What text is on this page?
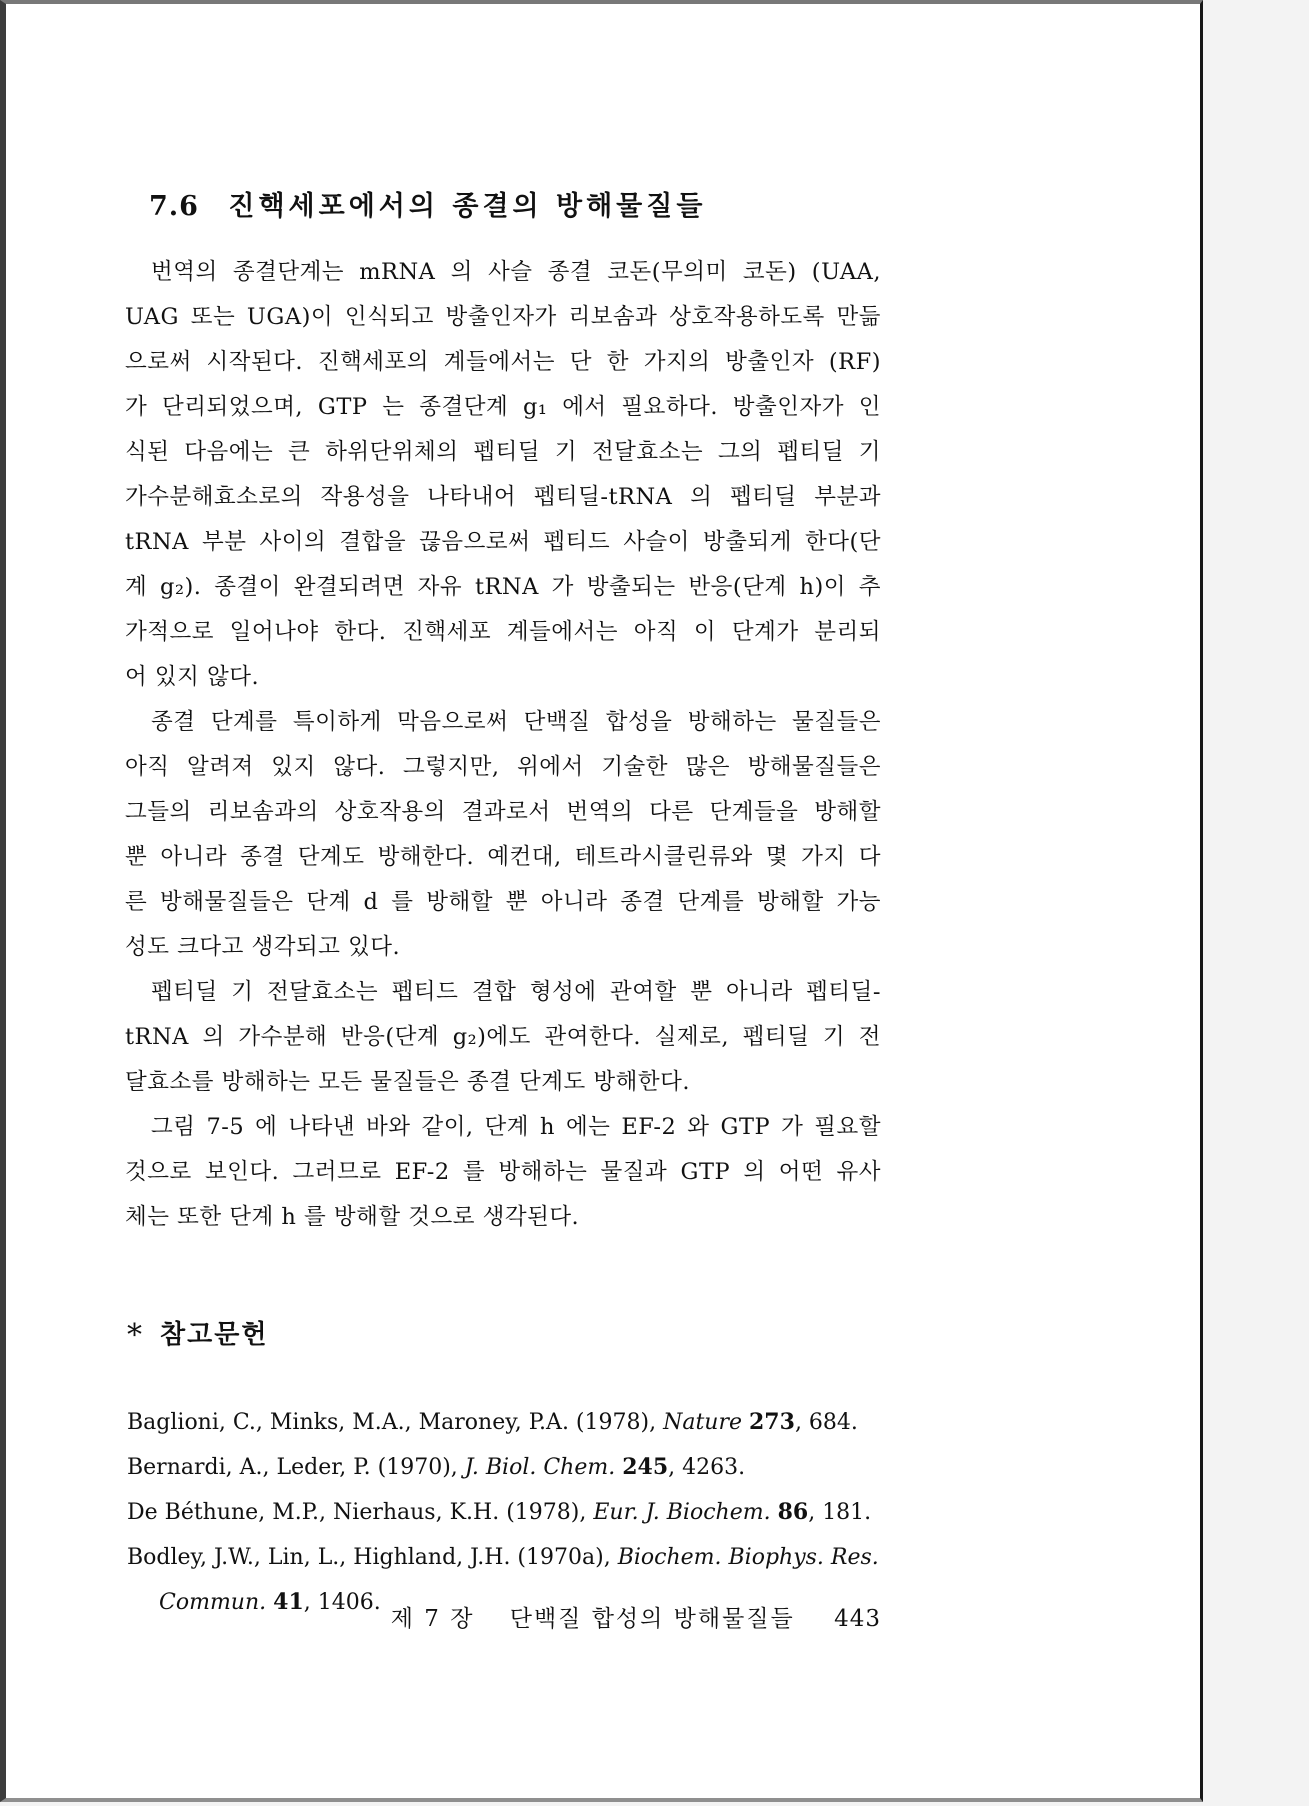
7.6 진핵세포에서의 종결의 방해물질들
번역의 종결단계는 mRNA 의 사슬 종결 코돈(무의미 코돈) (UAA,
UAG 또는 UGA)이 인식되고 방출인자가 리보솜과 상호작용하도록 만듦
으로써 시작된다. 진핵세포의 계들에서는 단 한 가지의 방출인자 (RF)
가 단리되었으며, GTP 는 종결단계 g₁ 에서 필요하다. 방출인자가 인
식된 다음에는 큰 하위단위체의 펩티딜 기 전달효소는 그의 펩티딜 기
가수분해효소로의 작용성을 나타내어 펩티딜-tRNA 의 펩티딜 부분과
tRNA 부분 사이의 결합을 끊음으로써 펩티드 사슬이 방출되게 한다(단
계 g₂). 종결이 완결되려면 자유 tRNA 가 방출되는 반응(단계 h)이 추
가적으로 일어나야 한다. 진핵세포 계들에서는 아직 이 단계가 분리되
어 있지 않다.
종결 단계를 특이하게 막음으로써 단백질 합성을 방해하는 물질들은
아직 알려져 있지 않다. 그렇지만, 위에서 기술한 많은 방해물질들은
그들의 리보솜과의 상호작용의 결과로서 번역의 다른 단계들을 방해할
뿐 아니라 종결 단계도 방해한다. 예컨대, 테트라시클린류와 몇 가지 다
른 방해물질들은 단계 d 를 방해할 뿐 아니라 종결 단계를 방해할 가능
성도 크다고 생각되고 있다.
펩티딜 기 전달효소는 펩티드 결합 형성에 관여할 뿐 아니라 펩티딜-
tRNA 의 가수분해 반응(단계 g₂)에도 관여한다. 실제로, 펩티딜 기 전
달효소를 방해하는 모든 물질들은 종결 단계도 방해한다.
그림 7-5 에 나타낸 바와 같이, 단계 h 에는 EF-2 와 GTP 가 필요할
것으로 보인다. 그러므로 EF-2 를 방해하는 물질과 GTP 의 어떤 유사
체는 또한 단계 h 를 방해할 것으로 생각된다.
* 참고문헌
Baglioni, C., Minks, M.A., Maroney, P.A. (1978), Nature 273, 684.
Bernardi, A., Leder, P. (1970), J. Biol. Chem. 245, 4263.
De Béthune, M.P., Nierhaus, K.H. (1978), Eur. J. Biochem. 86, 181.
Bodley, J.W., Lin, L., Highland, J.H. (1970a), Biochem. Biophys. Res. Commun. 41, 1406.
제 7 장 단백질 합성의 방해물질들 443
